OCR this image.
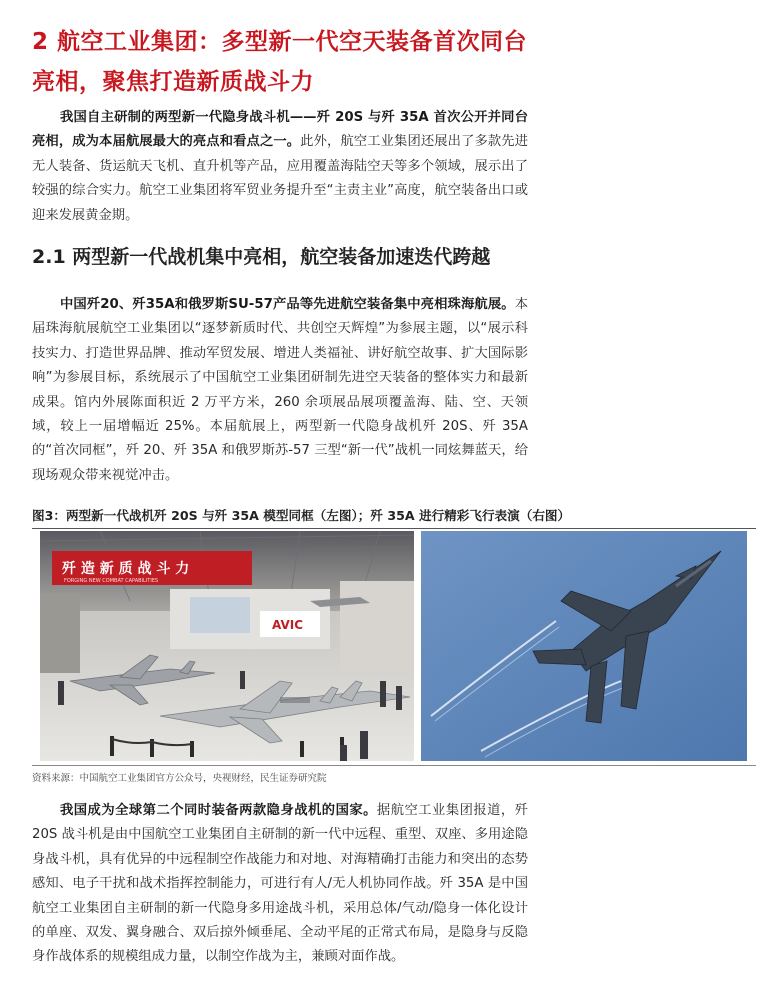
2 航空工业集团：多型新一代空天装备首次同台亮相，聚焦打造新质战斗力
我国自主研制的两型新一代隐身战斗机——歼 20S 与歼 35A 首次公开并同台亮相，成为本届航展最大的亮点和看点之一。此外，航空工业集团还展出了多款先进无人装备、货运航天飞机、直升机等产品，应用覆盖海陆空天等多个领域，展示出了较强的综合实力。航空工业集团将军贸业务提升至“主责主业”高度，航空装备出口或迎来发展黄金期。
2.1 两型新一代战机集中亮相，航空装备加速迭代跨越
中国歼20、歼35A和俄罗斯SU-57产品等先进航空装备集中亮相珠海航展。本届珠海航展航空工业集团以“逐梦新质时代、共创空天辉煌”为参展主题，以“展示科技实力、打造世界品牌、推动军贸发展、增进人类福祉、讲好航空故事、扩大国际影响”为参展目标，系统展示了中国航空工业集团研制先进空天装备的整体实力和最新成果。馆内外展陈面积近 2 万平方米，260 余项展品展项覆盖海、陆、空、天领域，较上一届增幅近 25%。本届航展上，两型新一代隐身战机歼 20S、歼 35A 的“首次同框”，歼 20、歼 35A 和俄罗斯苏-57 三型“新一代”战机一同炫舞蓝天，给现场观众带来视觉冲击。
图3：两型新一代战机歼 20S 与歼 35A 模型同框（左图）；歼 35A 进行精彩飞行表演（右图）
歼 造 新 质 战 斗 力
FORGING NEW COMBAT CAPABILITIES
AVIC
资料来源：中国航空工业集团官方公众号，央视财经，民生证券研究院
我国成为全球第二个同时装备两款隐身战机的国家。据航空工业集团报道，歼 20S 战斗机是由中国航空工业集团自主研制的新一代中远程、重型、双座、多用途隐身战斗机，具有优异的中远程制空作战能力和对地、对海精确打击能力和突出的态势感知、电子干扰和战术指挥控制能力，可进行有人/无人机协同作战。歼 35A 是中国航空工业集团自主研制的新一代隐身多用途战斗机，采用总体/气动/隐身一体化设计的单座、双发、翼身融合、双后掠外倾垂尾、全动平尾的正常式布局，是隐身与反隐身作战体系的规模组成力量，以制空作战为主，兼顾对面作战。
